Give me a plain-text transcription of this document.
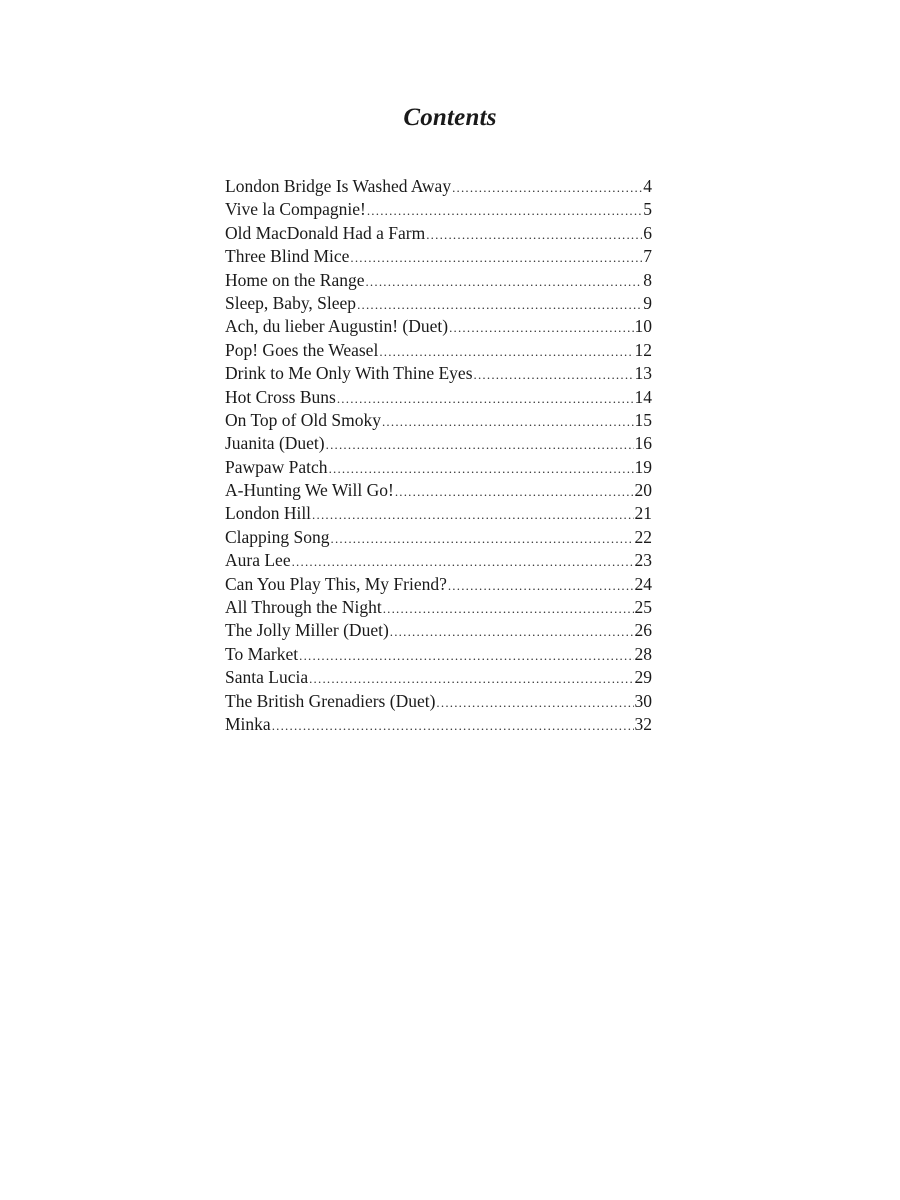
Contents
London Bridge Is Washed Away .....	4
Vive la Compagnie! .....	5
Old MacDonald Had a Farm .....	6
Three Blind Mice .....	7
Home on the Range .....	8
Sleep, Baby, Sleep .....	9
Ach, du lieber Augustin! (Duet) .....	10
Pop! Goes the Weasel .....	12
Drink to Me Only With Thine Eyes .....	13
Hot Cross Buns .....	14
On Top of Old Smoky .....	15
Juanita (Duet) .....	16
Pawpaw Patch .....	19
A-Hunting We Will Go! .....	20
London Hill .....	21
Clapping Song .....	22
Aura Lee .....	23
Can You Play This, My Friend? .....	24
All Through the Night .....	25
The Jolly Miller (Duet) .....	26
To Market .....	28
Santa Lucia .....	29
The British Grenadiers (Duet) .....	30
Minka .....	32
